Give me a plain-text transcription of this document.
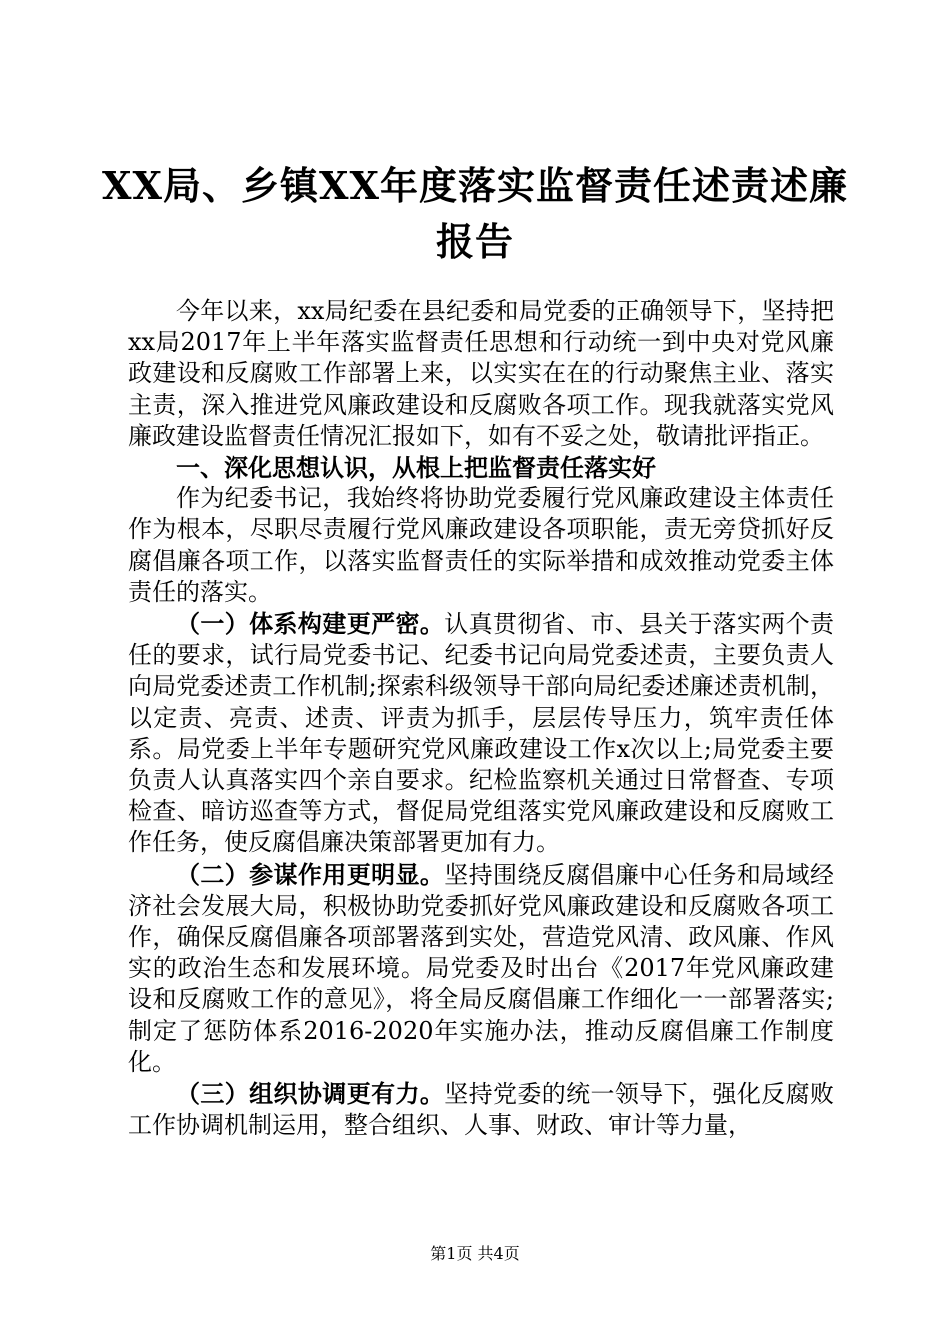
XX局、乡镇XX年度落实监督责任述责述廉报告

今年以来，xx局纪委在县纪委和局党委的正确领导下，坚持把xx局2017年上半年落实监督责任思想和行动统一到中央对党风廉政建设和反腐败工作部署上来，以实实在在的行动聚焦主业、落实主责，深入推进党风廉政建设和反腐败各项工作。现我就落实党风廉政建设监督责任情况汇报如下，如有不妥之处，敬请批评指正。

一、深化思想认识，从根上把监督责任落实好

作为纪委书记，我始终将协助党委履行党风廉政建设主体责任作为根本，尽职尽责履行党风廉政建设各项职能，责无旁贷抓好反腐倡廉各项工作，以落实监督责任的实际举措和成效推动党委主体责任的落实。

（一）体系构建更严密。认真贯彻省、市、县关于落实两个责任的要求，试行局党委书记、纪委书记向局党委述责，主要负责人向局党委述责工作机制;探索科级领导干部向局纪委述廉述责机制，以定责、亮责、述责、评责为抓手，层层传导压力，筑牢责任体系。局党委上半年专题研究党风廉政建设工作x次以上;局党委主要负责人认真落实四个亲自要求。纪检监察机关通过日常督查、专项检查、暗访巡查等方式，督促局党组落实党风廉政建设和反腐败工作任务，使反腐倡廉决策部署更加有力。

（二）参谋作用更明显。坚持围绕反腐倡廉中心任务和局域经济社会发展大局，积极协助党委抓好党风廉政建设和反腐败各项工作，确保反腐倡廉各项部署落到实处，营造党风清、政风廉、作风实的政治生态和发展环境。局党委及时出台《2017年党风廉政建设和反腐败工作的意见》，将全局反腐倡廉工作细化一一部署落实;制定了惩防体系2016-2020年实施办法，推动反腐倡廉工作制度化。

（三）组织协调更有力。坚持党委的统一领导下，强化反腐败工作协调机制运用，整合组织、人事、财政、审计等力量，

第1页 共4页
